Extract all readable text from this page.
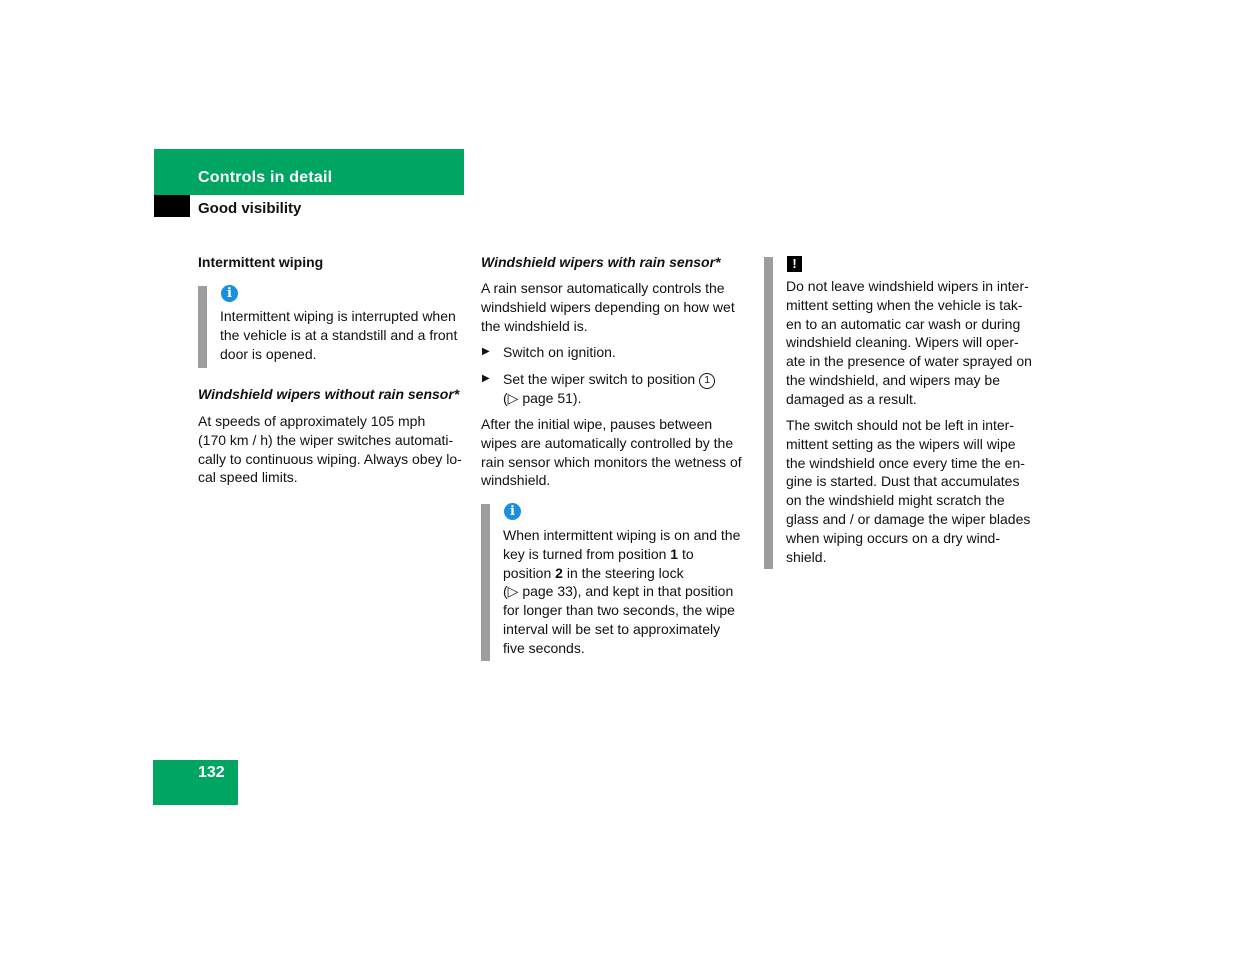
Controls in detail
Good visibility
Intermittent wiping
i
Intermittent wiping is interrupted when the vehicle is at a standstill and a front door is opened.
Windshield wipers without rain sensor*
At speeds of approximately 105 mph
(170 km / h) the wiper switches automati-
cally to continuous wiping. Always obey lo-
cal speed limits.
Windshield wipers with rain sensor*
A rain sensor automatically controls the
windshield wipers depending on how wet
the windshield is.
▶ Switch on ignition.
▶ Set the wiper switch to position 1
(▷ page 51).
After the initial wipe, pauses between
wipes are automatically controlled by the
rain sensor which monitors the wetness of
windshield.
i
When intermittent wiping is on and the
key is turned from position 1 to
position 2 in the steering lock
(▷ page 33), and kept in that position
for longer than two seconds, the wipe
interval will be set to approximately
five seconds.
!
Do not leave windshield wipers in inter-
mittent setting when the vehicle is tak-
en to an automatic car wash or during
windshield cleaning. Wipers will oper-
ate in the presence of water sprayed on
the windshield, and wipers may be
damaged as a result.
The switch should not be left in inter-
mittent setting as the wipers will wipe
the windshield once every time the en-
gine is started. Dust that accumulates
on the windshield might scratch the
glass and / or damage the wiper blades
when wiping occurs on a dry wind-
shield.
132
